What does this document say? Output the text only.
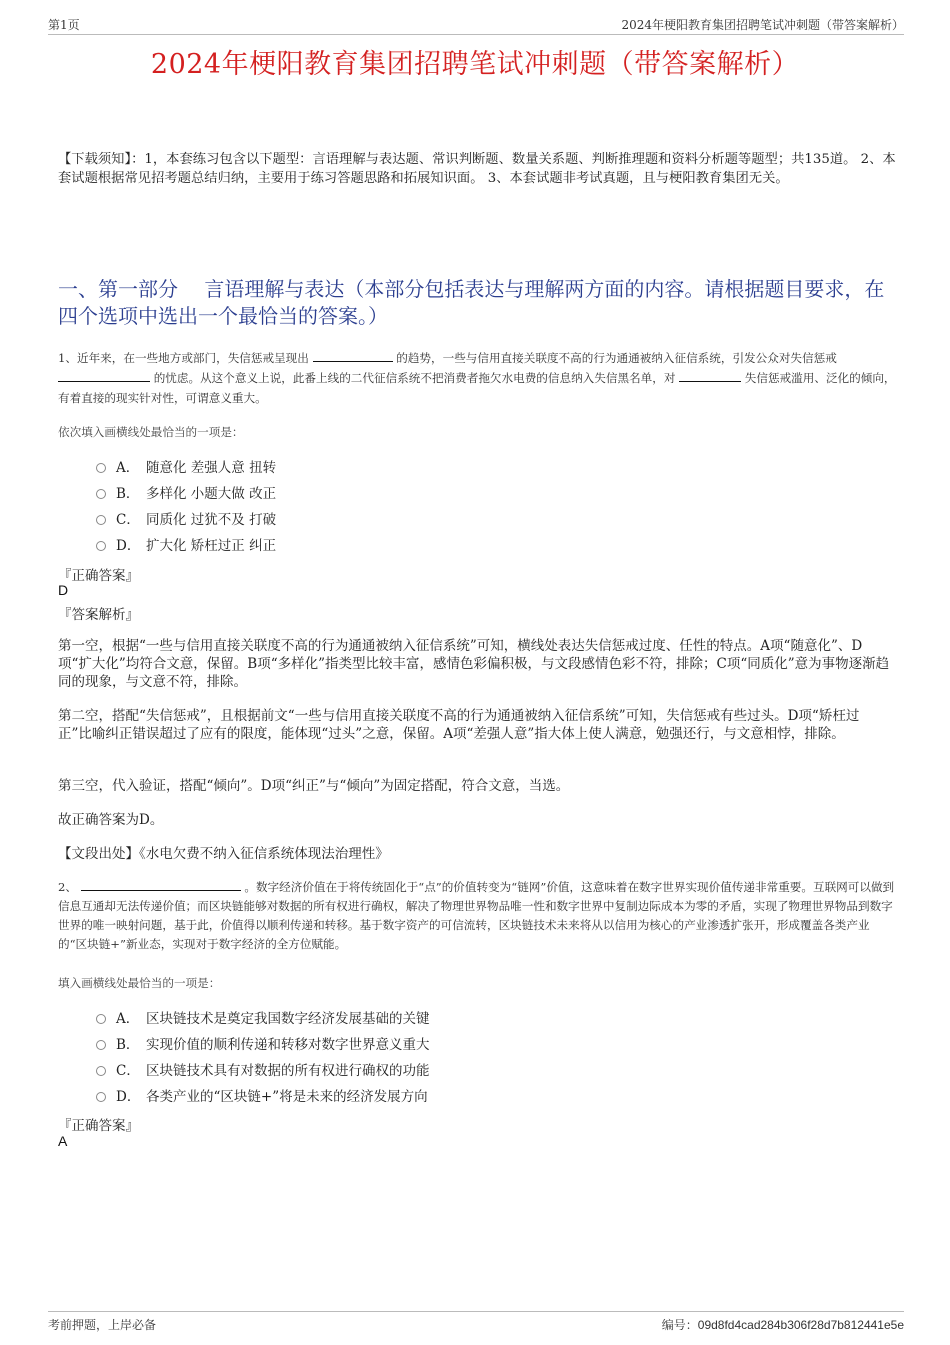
第1页	2024年梗阳教育集团招聘笔试冲刺题（带答案解析）
2024年梗阳教育集团招聘笔试冲刺题（带答案解析）
【下载须知】：1，本套练习包含以下题型：言语理解与表达题、常识判断题、数量关系题、判断推理题和资料分析题等题型；共135道。 2、本套试题根据常见招考题总结归纳，主要用于练习答题思路和拓展知识面。 3、本套试题非考试真题，且与梗阳教育集团无关。
一、第一部分　 言语理解与表达（本部分包括表达与理解两方面的内容。请根据题目要求，在四个选项中选出一个最恰当的答案。）
1、近年来，在一些地方或部门，失信惩戒呈现出	的趋势，一些与信用直接关联度不高的行为通通被纳入征信系统，引发公众对失信惩戒  的忧虑。从这个意义上说，此番上线的二代征信系统不把消费者拖欠水电费的信息纳入失信黑名单，对	失信惩戒滥用、泛化的倾向，有着直接的现实针对性，可谓意义重大。
依次填入画横线处最恰当的一项是：
A． 随意化 差强人意 扭转
B． 多样化 小题大做 改正
C． 同质化 过犹不及 打破
D． 扩大化 矫枉过正 纠正
『正确答案』
D
『答案解析』
第一空，根据“一些与信用直接关联度不高的行为通通被纳入征信系统”可知，横线处表达失信惩戒过度、任性的特点。A项“随意化”、D项“扩大化”均符合文意，保留。B项“多样化”指类型比较丰富，感情色彩偏积极，与文段感情色彩不符，排除；C项“同质化”意为事物逐渐趋同的现象，与文意不符，排除。
第二空，搭配“失信惩戒”，且根据前文“一些与信用直接关联度不高的行为通通被纳入征信系统”可知，失信惩戒有些过头。D项“矫枉过正”比喻纠正错误超过了应有的限度，能体现“过头”之意，保留。A项“差强人意”指大体上使人满意，勉强还行，与文意相悖，排除。
第三空，代入验证，搭配“倾向”。D项“纠正”与“倾向”为固定搭配，符合文意，当选。
故正确答案为D。
【文段出处】《水电欠费不纳入征信系统体现法治理性》
2、	。数字经济价值在于将传统固化于“点”的价值转变为“链网”价值，这意味着在数字世界实现价值传递非常重要。互联网可以做到信息互通却无法传递价值；而区块链能够对数据的所有权进行确权，解决了物理世界物品唯一性和数字世界中复制边际成本为零的矛盾，实现了物理世界物品到数字世界的唯一映射问题，基于此，价值得以顺利传递和转移。基于数字资产的可信流转，区块链技术未来将从以信用为核心的产业渗透扩张开，形成覆盖各类产业的“区块链+”新业态，实现对于数字经济的全方位赋能。
填入画横线处最恰当的一项是：
A． 区块链技术是奠定我国数字经济发展基础的关键
B． 实现价值的顺利传递和转移对数字世界意义重大
C． 区块链技术具有对数据的所有权进行确权的功能
D． 各类产业的“区块链+”将是未来的经济发展方向
『正确答案』
A
考前押题，上岸必备	编号：09d8fd4cad284b306f28d7b812441e5e
